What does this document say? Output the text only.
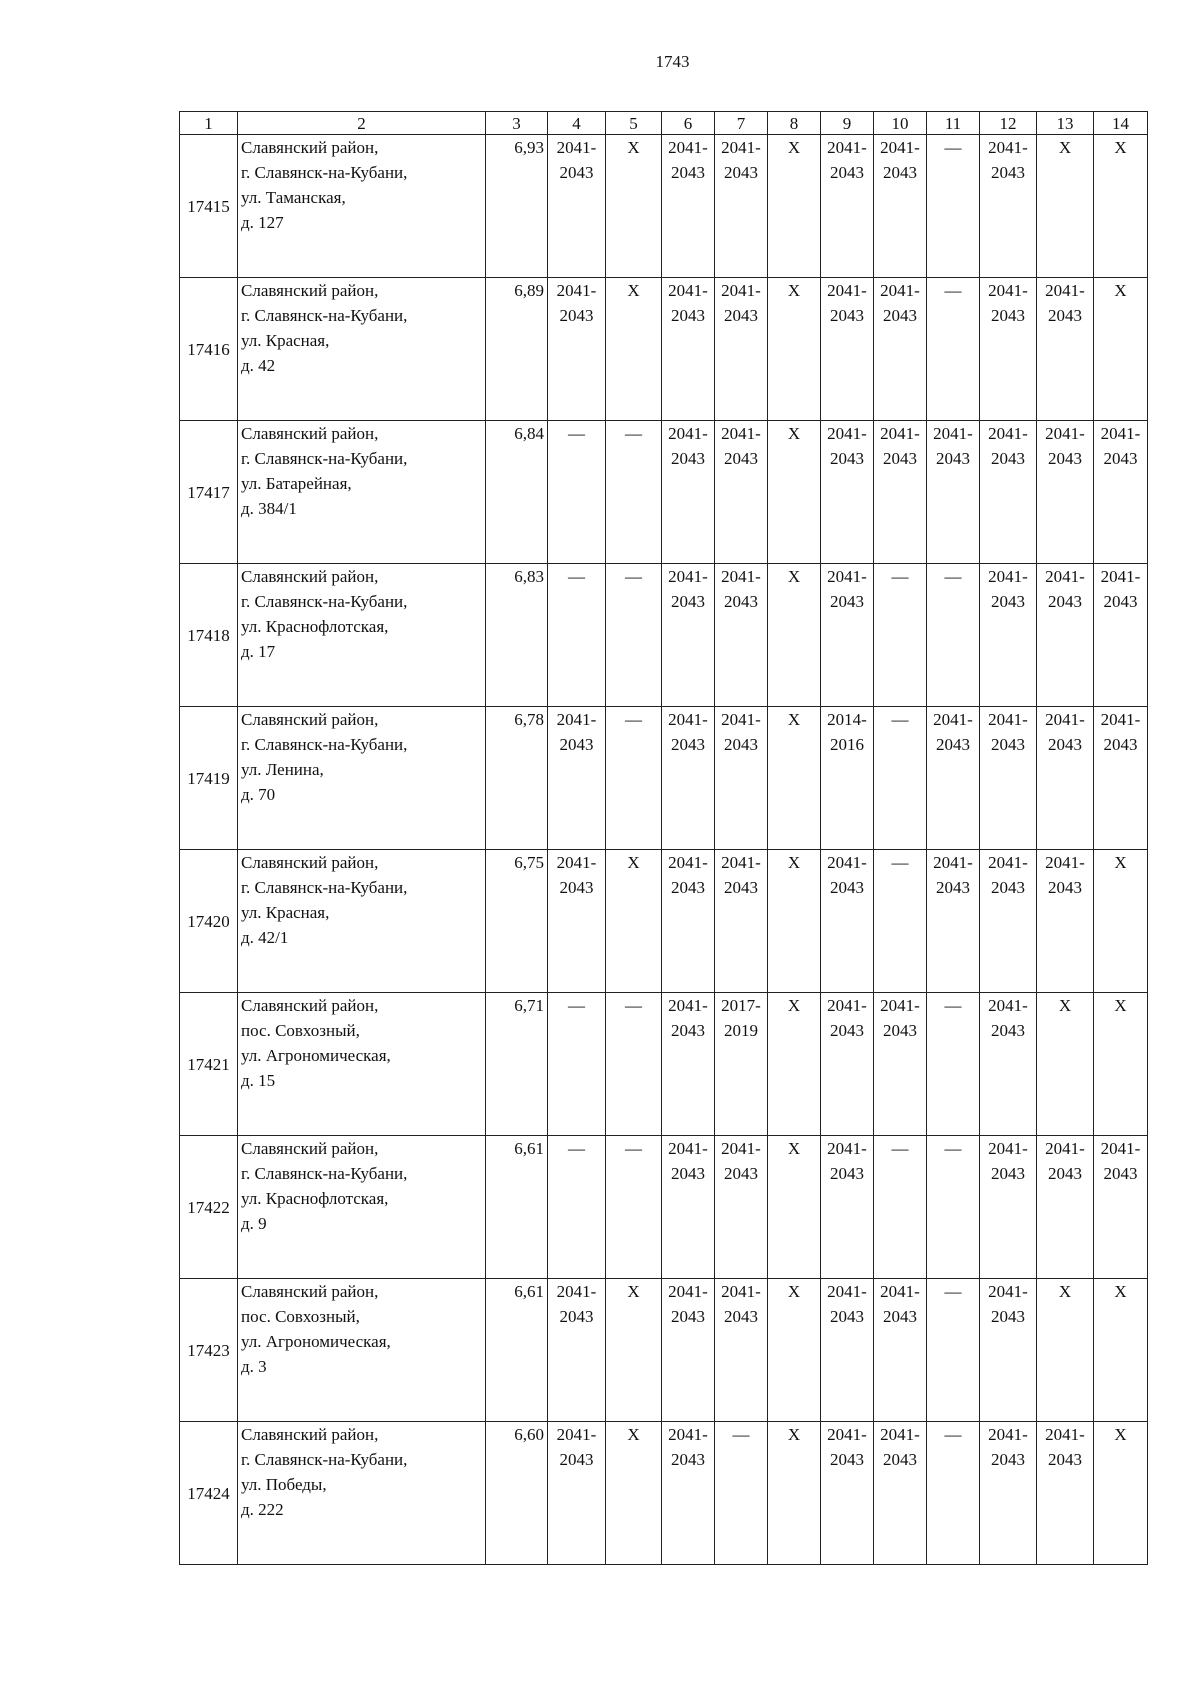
1743
1	2	3	4	5	6	7	8	9	10	11	12	13	14
17415	Славянский район,
г. Славянск-на-Кубани,
ул. Таманская,
д. 127	6,93	2041-
2043	X	2041-
2043	2041-
2043	X	2041-
2043	2041-
2043	—	2041-
2043	X	X
17416	Славянский район,
г. Славянск-на-Кубани,
ул. Красная,
д. 42	6,89	2041-
2043	X	2041-
2043	2041-
2043	X	2041-
2043	2041-
2043	—	2041-
2043	2041-
2043	X
17417	Славянский район,
г. Славянск-на-Кубани,
ул. Батарейная,
д. 384/1	6,84	—	—	2041-
2043	2041-
2043	X	2041-
2043	2041-
2043	2041-
2043	2041-
2043	2041-
2043	2041-
2043

17418	Славянский район,
г. Славянск-на-Кубани,
ул. Краснофлотская,
д. 17	6,83	—	—	2041-
2043	2041-
2043	X	2041-
2043	—	—	2041-
2043	2041-
2043	2041-
2043

17419	Славянский район,
г. Славянск-на-Кубани,
ул. Ленина,
д. 70	6,78	2041-
2043	—	2041-
2043	2041-
2043	X	2014-
2016	—	2041-
2043	2041-
2043	2041-
2043	2041-
2043

17420	Славянский район,
г. Славянск-на-Кубани,
ул. Красная,
д. 42/1	6,75	2041-
2043	X	2041-
2043	2041-
2043	X	2041-
2043	—	2041-
2043	2041-
2043	2041-
2043	X
17421	Славянский район,
пос. Совхозный,
ул. Агрономическая,
д. 15	6,71	—	—	2041-
2043	2017-
2019	X	2041-
2043	2041-
2043	—	2041-
2043	X	X
17422	Славянский район,
г. Славянск-на-Кубани,
ул. Краснофлотская,
д. 9	6,61	—	—	2041-
2043	2041-
2043	X	2041-
2043	—	—	2041-
2043	2041-
2043	2041-
2043

17423	Славянский район,
пос. Совхозный,
ул. Агрономическая,
д. 3	6,61	2041-
2043	X	2041-
2043	2041-
2043	X	2041-
2043	2041-
2043	—	2041-
2043	X	X
17424	Славянский район,
г. Славянск-на-Кубани,
ул. Победы,
д. 222	6,60	2041-
2043	X	2041-
2043	—	X	2041-
2043	2041-
2043	—	2041-
2043	2041-
2043	X
